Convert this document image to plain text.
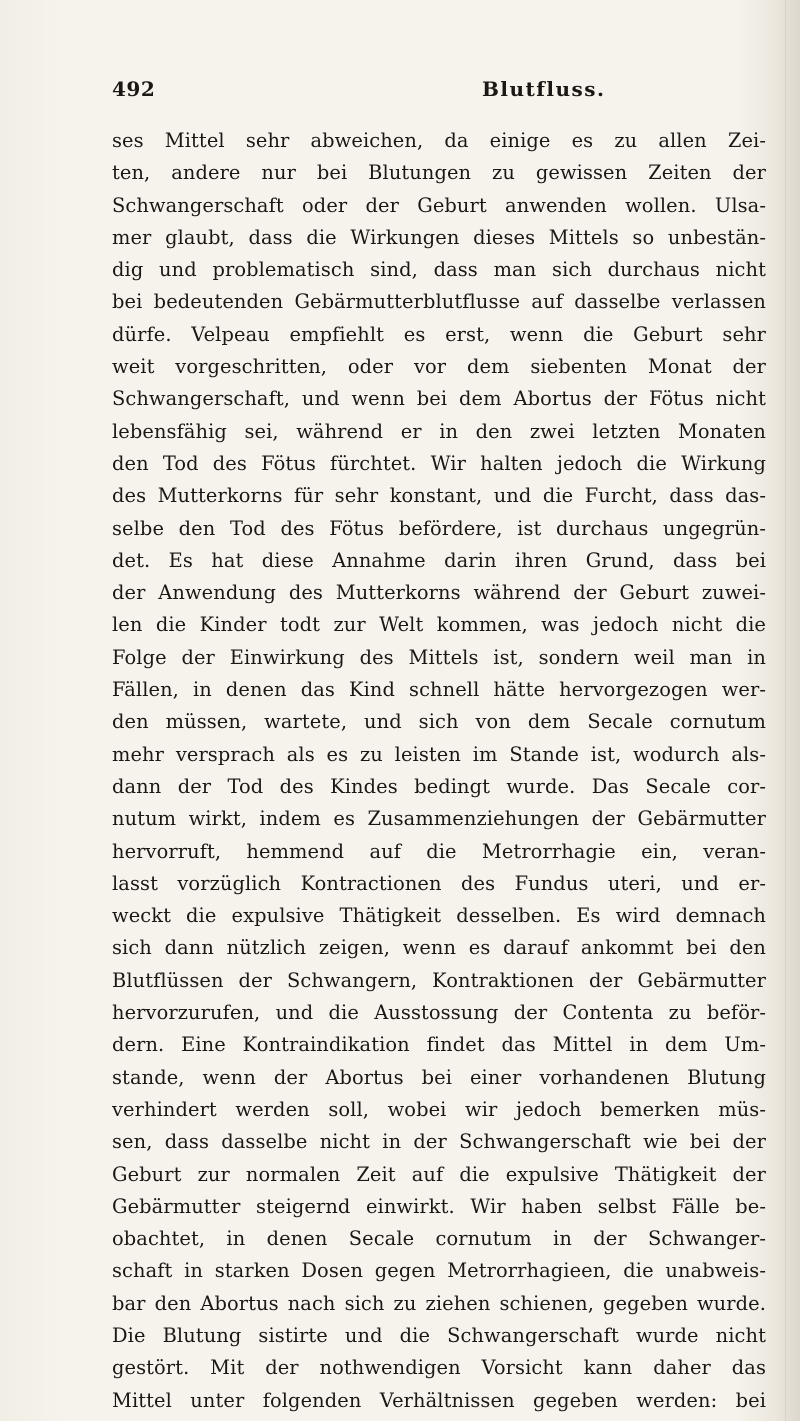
492	Blutfluss.
ses Mittel sehr abweichen, da einige es zu allen Zei-
ten, andere nur bei Blutungen zu gewissen Zeiten der
Schwangerschaft oder der Geburt anwenden wollen. Ulsa-
mer glaubt, dass die Wirkungen dieses Mittels so unbestän-
dig und problematisch sind, dass man sich durchaus nicht
bei bedeutenden Gebärmutterblutflusse auf dasselbe verlassen
dürfe. Velpeau empfiehlt es erst, wenn die Geburt sehr
weit vorgeschritten, oder vor dem siebenten Monat der
Schwangerschaft, und wenn bei dem Abortus der Fötus nicht
lebensfähig sei, während er in den zwei letzten Monaten
den Tod des Fötus fürchtet. Wir halten jedoch die Wirkung
des Mutterkorns für sehr konstant, und die Furcht, dass das-
selbe den Tod des Fötus befördere, ist durchaus ungegrün-
det. Es hat diese Annahme darin ihren Grund, dass bei
der Anwendung des Mutterkorns während der Geburt zuwei-
len die Kinder todt zur Welt kommen, was jedoch nicht die
Folge der Einwirkung des Mittels ist, sondern weil man in
Fällen, in denen das Kind schnell hätte hervorgezogen wer-
den müssen, wartete, und sich von dem Secale cornutum
mehr versprach als es zu leisten im Stande ist, wodurch als-
dann der Tod des Kindes bedingt wurde. Das Secale cor-
nutum wirkt, indem es Zusammenziehungen der Gebärmutter
hervorruft, hemmend auf die Metrorrhagie ein, veran-
lasst vorzüglich Kontractionen des Fundus uteri, und er-
weckt die expulsive Thätigkeit desselben. Es wird demnach
sich dann nützlich zeigen, wenn es darauf ankommt bei den
Blutflüssen der Schwangern, Kontraktionen der Gebärmutter
hervorzurufen, und die Ausstossung der Contenta zu beför-
dern. Eine Kontraindikation findet das Mittel in dem Um-
stande, wenn der Abortus bei einer vorhandenen Blutung
verhindert werden soll, wobei wir jedoch bemerken müs-
sen, dass dasselbe nicht in der Schwangerschaft wie bei der
Geburt zur normalen Zeit auf die expulsive Thätigkeit der
Gebärmutter steigernd einwirkt. Wir haben selbst Fälle be-
obachtet, in denen Secale cornutum in der Schwanger-
schaft in starken Dosen gegen Metrorrhagieen, die unabweis-
bar den Abortus nach sich zu ziehen schienen, gegeben wurde.
Die Blutung sistirte und die Schwangerschaft wurde nicht
gestört. Mit der nothwendigen Vorsicht kann daher das
Mittel unter folgenden Verhältnissen gegeben werden: bei
